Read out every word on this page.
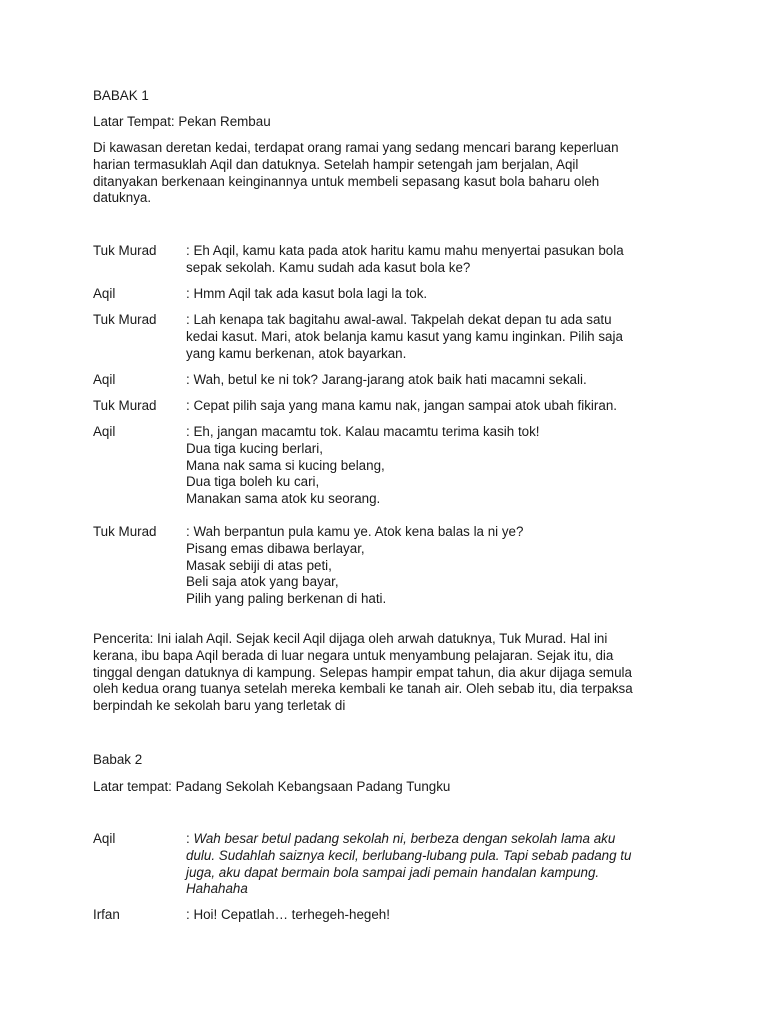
BABAK 1

Latar Tempat: Pekan Rembau

Di kawasan deretan kedai, terdapat orang ramai yang sedang mencari barang keperluan
harian termasuklah Aqil dan datuknya. Setelah hampir setengah jam berjalan, Aqil
ditanyakan berkenaan keinginannya untuk membeli sepasang kasut bola baharu oleh
datuknya.

Tuk Murad	: Eh Aqil, kamu kata pada atok haritu kamu mahu menyertai pasukan bola
sepak sekolah. Kamu sudah ada kasut bola ke?

Aqil	: Hmm Aqil tak ada kasut bola lagi la tok.

Tuk Murad	: Lah kenapa tak bagitahu awal-awal. Takpelah dekat depan tu ada satu
kedai kasut. Mari, atok belanja kamu kasut yang kamu inginkan. Pilih saja
yang kamu berkenan, atok bayarkan.

Aqil	: Wah, betul ke ni tok? Jarang-jarang atok baik hati macamni sekali.

Tuk Murad	: Cepat pilih saja yang mana kamu nak, jangan sampai atok ubah fikiran.

Aqil	: Eh, jangan macamtu tok. Kalau macamtu terima kasih tok!
Dua tiga kucing berlari,
Mana nak sama si kucing belang,
Dua tiga boleh ku cari,
Manakan sama atok ku seorang.

Tuk Murad	: Wah berpantun pula kamu ye. Atok kena balas la ni ye?
Pisang emas dibawa berlayar,
Masak sebiji di atas peti,
Beli saja atok yang bayar,
Pilih yang paling berkenan di hati.
Pencerita: Ini ialah Aqil. Sejak kecil Aqil dijaga oleh arwah datuknya, Tuk Murad. Hal ini
kerana, ibu bapa Aqil berada di luar negara untuk menyambung pelajaran. Sejak itu, dia
tinggal dengan datuknya di kampung. Selepas hampir empat tahun, dia akur dijaga semula
oleh kedua orang tuanya setelah mereka kembali ke tanah air. Oleh sebab itu, dia terpaksa
berpindah ke sekolah baru yang terletak di

Babak 2

Latar tempat: Padang Sekolah Kebangsaan Padang Tungku

Aqil	: Wah besar betul padang sekolah ni, berbeza dengan sekolah lama aku
dulu. Sudahlah saiznya kecil, berlubang-lubang pula. Tapi sebab padang tu
juga, aku dapat bermain bola sampai jadi pemain handalan kampung.
Hahahaha

Irfan	: Hoi! Cepatlah… terhegeh-hegeh!
